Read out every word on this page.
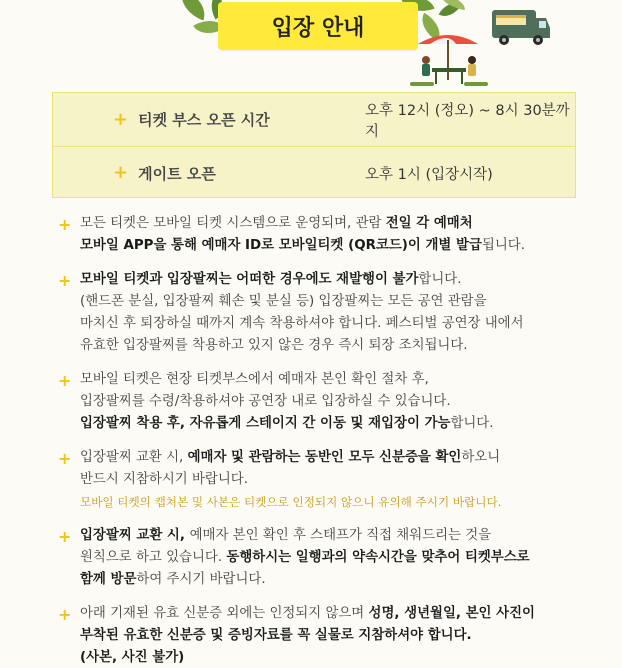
입장 안내
+ 티켓 부스 오픈 시간
오후 12시 (정오) ~ 8시 30분까지
+ 게이트 오픈	오후 1시 (입장시작)
+ 모든 티켓은 모바일 티켓 시스템으로 운영되며, 관람 전일 각 예매처
모바일 APP을 통해 예매자 ID로 모바일티켓 (QR코드)이 개별 발급됩니다.
+ 모바일 티켓과 입장팔찌는 어떠한 경우에도 재발행이 불가합니다.
(핸드폰 분실, 입장팔찌 훼손 및 분실 등) 입장팔찌는 모든 공연 관람을
마치신 후 퇴장하실 때까지 계속 착용하셔야 합니다. 페스티벌 공연장 내에서
유효한 입장팔찌를 착용하고 있지 않은 경우 즉시 퇴장 조치됩니다.
+ 모바일 티켓은 현장 티켓부스에서 예매자 본인 확인 절차 후,
입장팔찌를 수령/착용하셔야 공연장 내로 입장하실 수 있습니다.
입장팔찌 착용 후, 자유롭게 스테이지 간 이동 및 재입장이 가능합니다.
+ 입장팔찌 교환 시, 예매자 및 관람하는 동반인 모두 신분증을 확인하오니
반드시 지참하시기 바랍니다.
모바일 티켓의 캡쳐본 및 사본은 티켓으로 인정되지 않으니 유의해 주시기 바랍니다.
+ 입장팔찌 교환 시, 예매자 본인 확인 후 스태프가 직접 채워드리는 것을
원칙으로 하고 있습니다. 동행하시는 일행과의 약속시간을 맞추어 티켓부스로
함께 방문하여 주시기 바랍니다.
+ 아래 기재된 유효 신분증 외에는 인정되지 않으며 성명, 생년월일, 본인 사진이
부착된 유효한 신분증 및 증빙자료를 꼭 실물로 지참하셔야 합니다.
(사본, 사진 불가)
